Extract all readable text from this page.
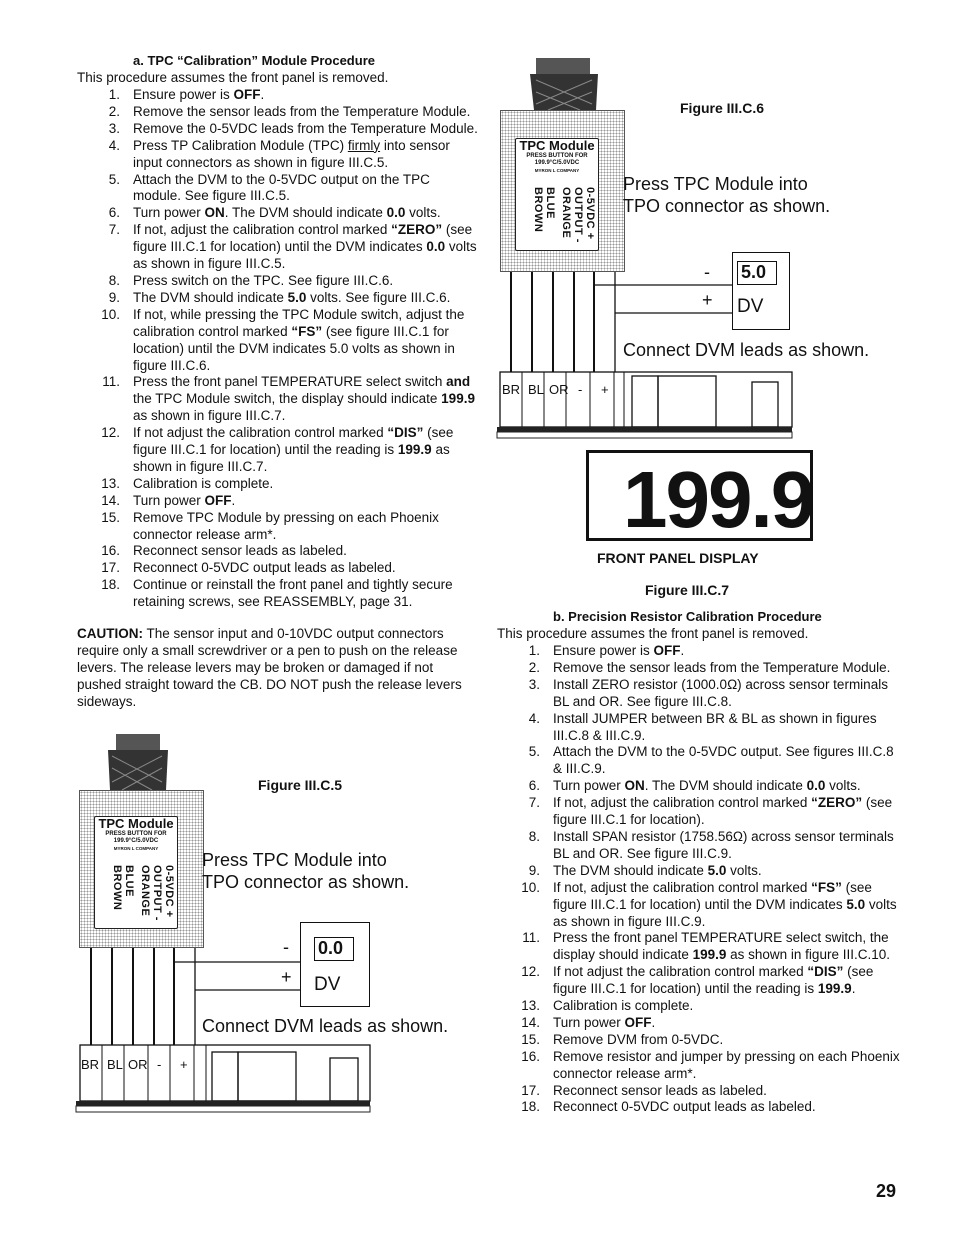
a. TPC “Calibration” Module Procedure
This procedure assumes the front panel is removed.
1. Ensure power is OFF.
2. Remove the sensor leads from the Temperature Module.
3. Remove the 0-5VDC leads from the Temperature Module.
4. Press TP Calibration Module (TPC) firmly into sensor input connectors as shown in figure III.C.5.
5. Attach the DVM to the 0-5VDC output on the TPC module. See figure III.C.5.
6. Turn power ON. The DVM should indicate 0.0 volts.
7. If not, adjust the calibration control marked “ZERO” (see figure III.C.1 for location) until the DVM indicates 0.0 volts as shown in figure III.C.5.
8. Press switch on the TPC. See figure III.C.6.
9. The DVM should indicate 5.0 volts. See figure III.C.6.
10. If not, while pressing the TPC Module switch, adjust the calibration control marked “FS” (see figure III.C.1 for location) until the DVM indicates 5.0 volts as shown in figure III.C.6.
11. Press the front panel TEMPERATURE select switch and the TPC Module switch, the display should indicate 199.9 as shown in figure III.C.7.
12. If not adjust the calibration control marked “DIS” (see figure III.C.1 for location) until the reading is 199.9 as shown in figure III.C.7.
13. Calibration is complete.
14. Turn power OFF.
15. Remove TPC Module by pressing on each Phoenix connector release arm*.
16. Reconnect sensor leads as labeled.
17. Reconnect 0-5VDC output leads as labeled.
18. Continue or reinstall the front panel and tightly secure retaining screws, see REASSEMBLY, page 31.
CAUTION: The sensor input and 0-10VDC output connectors require only a small screwdriver or a pen to push on the release levers. The release levers may be broken or damaged if not pushed straight toward the CB. DO NOT push the release levers sideways.
b. Precision Resistor Calibration Procedure
This procedure assumes the front panel is removed.
1. Ensure power is OFF.
2. Remove the sensor leads from the Temperature Module.
3. Install ZERO resistor (1000.0Ω) across sensor terminals BL and OR. See figure III.C.8.
4. Install JUMPER between BR & BL as shown in figures III.C.8 & III.C.9.
5. Attach the DVM to the 0-5VDC output. See figures III.C.8 & III.C.9.
6. Turn power ON. The DVM should indicate 0.0 volts.
7. If not, adjust the calibration control marked “ZERO” (see figure III.C.1 for location).
8. Install SPAN resistor (1758.56Ω) across sensor terminals BL and OR. See figure III.C.9.
9. The DVM should indicate 5.0 volts.
10. If not, adjust the calibration control marked “FS” (see figure III.C.1 for location) until the DVM indicates 5.0 volts as shown in figure III.C.9.
11. Press the front panel TEMPERATURE select switch, the display should indicate 199.9 as shown in figure III.C.10.
12. If not adjust the calibration control marked “DIS” (see figure III.C.1 for location) until the reading is 199.9.
13. Calibration is complete.
14. Turn power OFF.
15. Remove DVM from 0-5VDC.
16. Remove resistor and jumper by pressing on each Phoenix connector release arm*.
17. Reconnect sensor leads as labeled.
18. Reconnect 0-5VDC output leads as labeled.
TPC Module
PRESS BUTTON FOR
199.9°C/5.0VDC
MYRON L COMPANY
0-5VDC +
OUTPUT -
ORANGE
BLUE
BROWN
Figure III.C.6
Press TPC Module into TPO connector as shown.
5.0
DV
-
+
Connect DVM leads as shown.
BR BL OR - +
199.9
FRONT PANEL DISPLAY
Figure III.C.7
TPC Module
PRESS BUTTON FOR
199.9°C/5.0VDC
MYRON L COMPANY
0-5VDC +
OUTPUT -
ORANGE
BLUE
BROWN
Figure III.C.5
Press TPC Module into TPO connector as shown.
0.0
DV
-
+
Connect DVM leads as shown.
BR BL OR - +
29
